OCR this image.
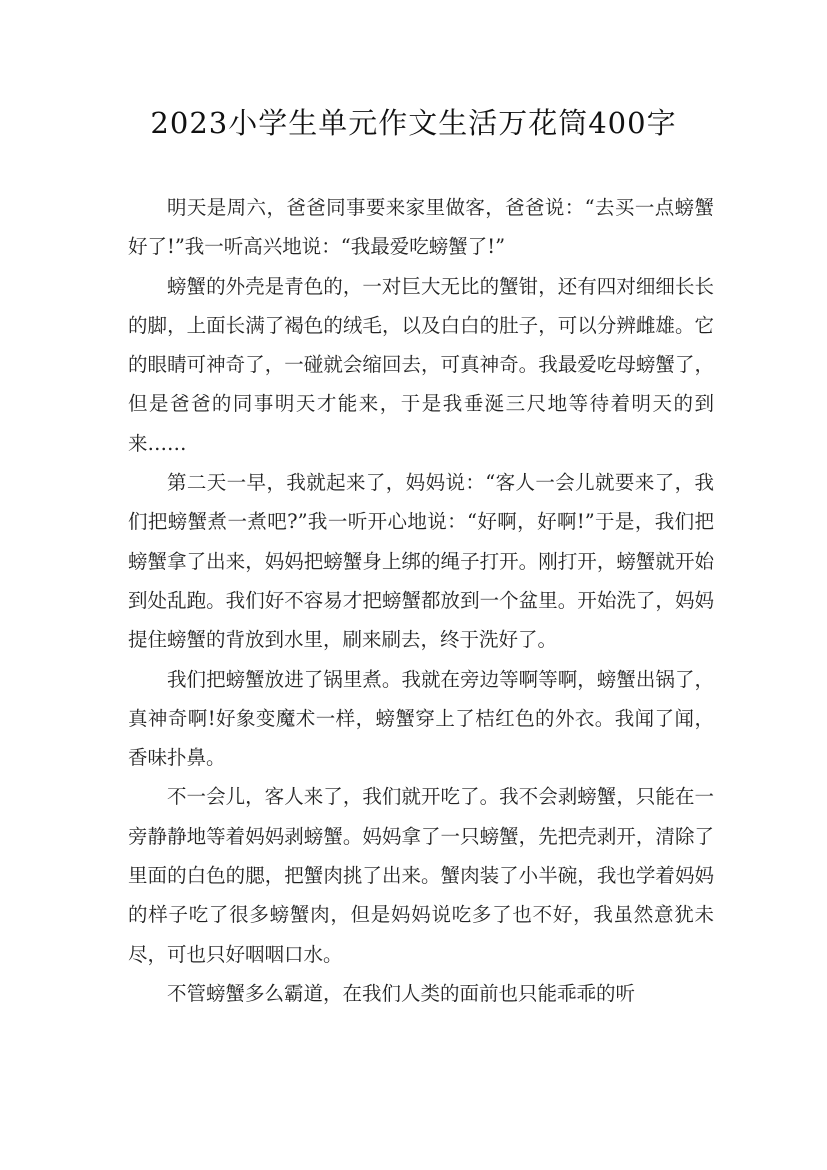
2023小学生单元作文生活万花筒400字

明天是周六，爸爸同事要来家里做客，爸爸说：“去买一点螃蟹好了!”我一听高兴地说：“我最爱吃螃蟹了!”

螃蟹的外壳是青色的，一对巨大无比的蟹钳，还有四对细细长长的脚，上面长满了褐色的绒毛，以及白白的肚子，可以分辨雌雄。它的眼睛可神奇了，一碰就会缩回去，可真神奇。我最爱吃母螃蟹了，但是爸爸的同事明天才能来，于是我垂涎三尺地等待着明天的到来……

第二天一早，我就起来了，妈妈说：“客人一会儿就要来了，我们把螃蟹煮一煮吧?”我一听开心地说：“好啊，好啊!”于是，我们把螃蟹拿了出来，妈妈把螃蟹身上绑的绳子打开。刚打开，螃蟹就开始到处乱跑。我们好不容易才把螃蟹都放到一个盆里。开始洗了，妈妈提住螃蟹的背放到水里，刷来刷去，终于洗好了。

我们把螃蟹放进了锅里煮。我就在旁边等啊等啊，螃蟹出锅了，真神奇啊!好象变魔术一样，螃蟹穿上了桔红色的外衣。我闻了闻，香味扑鼻。

不一会儿，客人来了，我们就开吃了。我不会剥螃蟹，只能在一旁静静地等着妈妈剥螃蟹。妈妈拿了一只螃蟹，先把壳剥开，清除了里面的白色的腮，把蟹肉挑了出来。蟹肉装了小半碗，我也学着妈妈的样子吃了很多螃蟹肉，但是妈妈说吃多了也不好，我虽然意犹未尽，可也只好咽咽口水。

不管螃蟹多么霸道，在我们人类的面前也只能乖乖的听
